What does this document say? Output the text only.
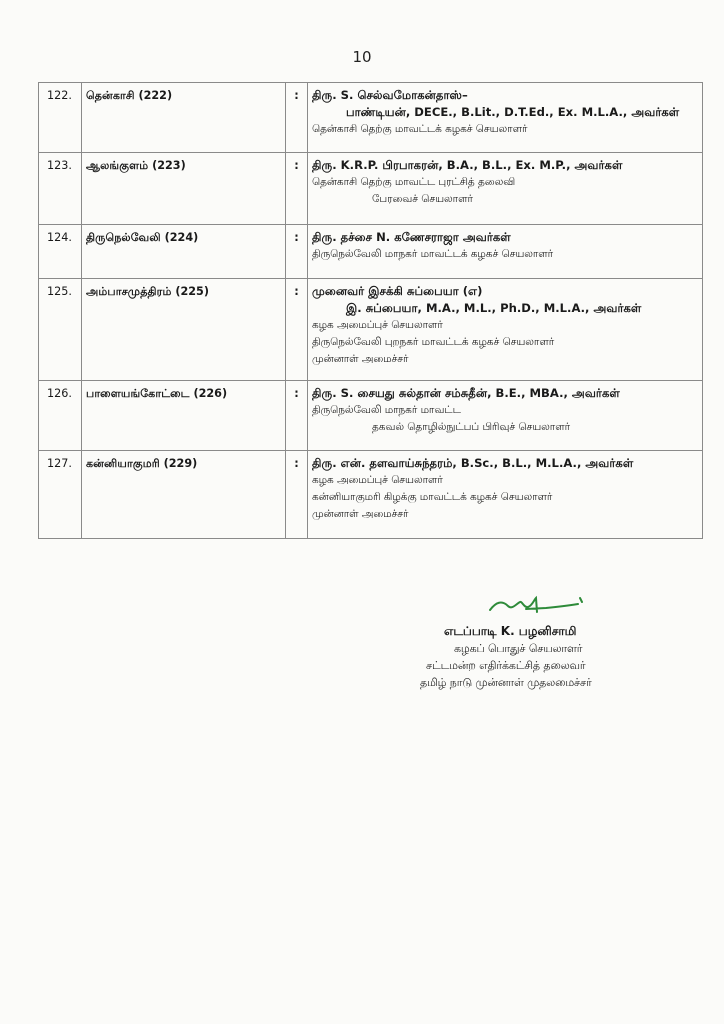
10
122.	தென்காசி (222)	:	திரு. S. செல்வமோகன்தாஸ்–
பாண்டியன், DECE., B.Lit., D.T.Ed., Ex. M.L.A., அவர்கள்
தென்காசி தெற்கு மாவட்டக் கழகச் செயலாளர்

123.	ஆலங்குளம் (223)	:	திரு. K.R.P. பிரபாகரன், B.A., B.L., Ex. M.P., அவர்கள்
தென்காசி தெற்கு மாவட்ட புரட்சித் தலைவி
பேரவைச் செயலாளர்

124.	திருநெல்வேலி (224)	:	திரு. தச்சை N. கணேசராஜா அவர்கள்
திருநெல்வேலி மாநகர் மாவட்டக் கழகச் செயலாளர்

125.	அம்பாசமுத்திரம் (225)	:	முனைவர் இசக்கி சுப்பையா (எ)
இ. சுப்பையா, M.A., M.L., Ph.D., M.L.A., அவர்கள்
கழக அமைப்புச் செயலாளர்
திருநெல்வேலி புறநகர் மாவட்டக் கழகச் செயலாளர்
முன்னாள் அமைச்சர்

126.	பாளையங்கோட்டை (226)	:	திரு. S. சையது சுல்தான் சம்சுதீன், B.E., MBA., அவர்கள்
திருநெல்வேலி மாநகர் மாவட்ட
தகவல் தொழில்நுட்பப் பிரிவுச் செயலாளர்

127.	கன்னியாகுமரி (229)	:	திரு. என். தளவாய்சுந்தரம், B.Sc., B.L., M.L.A., அவர்கள்
கழக அமைப்புச் செயலாளர்
கன்னியாகுமரி கிழக்கு மாவட்டக் கழகச் செயலாளர்
முன்னாள் அமைச்சர்
எடப்பாடி K. பழனிசாமி
கழகப் பொதுச் செயலாளர்
சட்டமன்ற எதிர்க்கட்சித் தலைவர்
தமிழ் நாடு முன்னாள் முதலமைச்சர்
